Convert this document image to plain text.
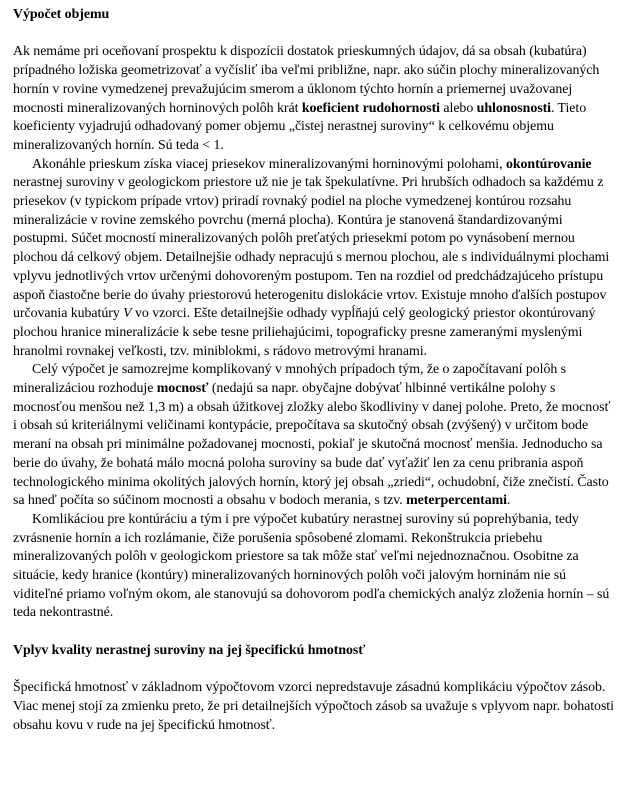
Výpočet objemu

Ak nemáme pri oceňovaní prospektu k dispozícii dostatok prieskumných údajov, dá sa obsah (kubatúra) prípadného ložiska geometrizovať a vyčísliť iba veľmi približne, napr. ako súčin plochy mineralizovaných hornín v rovine vymedzenej prevažujúcim smerom a úklonom týchto hornín a priemernej uvažovanej mocnosti mineralizovaných horninových polôh krát koeficient rudohornosti alebo uhlonosnosti. Tieto koeficienty vyjadrujú odhadovaný pomer objemu „čistej nerastnej suroviny“ k celkovému objemu mineralizovaných hornín. Sú teda < 1.

Akonáhle prieskum získa viacej priesekov mineralizovanými horninovými polohami, okontúrovanie nerastnej suroviny v geologickom priestore už nie je tak špekulatívne. Pri hrubších odhadoch sa každému z priesekov (v typickom prípade vrtov) priradí rovnaký podiel na ploche vymedzenej kontúrou rozsahu mineralizácie v rovine zemského povrchu (merná plocha). Kontúra je stanovená štandardizovanými postupmi. Súčet mocností mineralizovaných polôh preťatých priesekmi potom po vynásobení mernou plochou dá celkový objem. Detailnejšie odhady nepracujú s mernou plochou, ale s individuálnymi plochami vplyvu jednotlivých vrtov určenými dohovoreným postupom. Ten na rozdiel od predchádzajúceho prístupu aspoň čiastočne berie do úvahy priestorovú heterogenitu dislokácie vrtov. Existuje mnoho ďalších postupov určovania kubatúry V vo vzorci. Ešte detailnejšie odhady vypĺňajú celý geologický priestor okontúrovaný plochou hranice mineralizácie k sebe tesne priliehajúcimi, topograficky presne zameranými myslenými hranolmi rovnakej veľkosti, tzv. miniblokmi, s rádovo metrovými hranami.

Celý výpočet je samozrejme komplikovaný v mnohých prípadoch tým, že o započítavaní polôh s mineralizáciou rozhoduje mocnosť (nedajú sa napr. obyčajne dobývať hlbinné vertikálne polohy s mocnosťou menšou než 1,3 m) a obsah úžitkovej zložky alebo škodliviny v danej polohe. Preto, že mocnosť i obsah sú kriteriálnymi veličinami kontурácie, prepočítava sa skutočný obsah (zvýšený) v určitom bode meraní na obsah pri minimálne požadovanej mocnosti, pokiaľ je skutočná mocnosť menšia. Jednoducho sa berie do úvahy, že bohatá málo mocná poloha suroviny sa bude dať vyťažiť len za cenu pribrania aspoň technologického minima okolitých jalových hornín, ktorý jej obsah „zriedi“, ochudobní, čiže znečistí. Často sa hneď počíta so súčinom mocnosti a obsahu v bodoch merania, s tzv. meterpercentami.

Komlikáciou pre kontúráciu a tým i pre výpočet kubatúry nerastnej suroviny sú poprehýbania, tedy zvrásnenie hornín a ich rozlámanie, čiže porušenia spôsobené zlomami. Rekonštrukcia priebehu mineralizovaných polôh v geologickom priestore sa tak môže stať veľmi nejednoznačnou. Osobitne za situácie, kedy hranice (kontúry) mineralizovaných horninových polôh voči jalovým horninám nie sú viditeľné priamo voľným okom, ale stanovujú sa dohovorom podľa chemických analýz zloženia hornín – sú teda nekontrastné.

Vplyv kvality nerastnej suroviny na jej špecifickú hmotnosť

Špecifická hmotnosť v základnom výpočtovom vzorci nepredstavuje zásadnú komplikáciu výpočtov zásob. Viac menej stojí za zmienku preto, že pri detailnejších výpočtoch zásob sa uvažuje s vplyvom napr. bohatosti obsahu kovu v rude na jej špecifickú hmotnosť.
